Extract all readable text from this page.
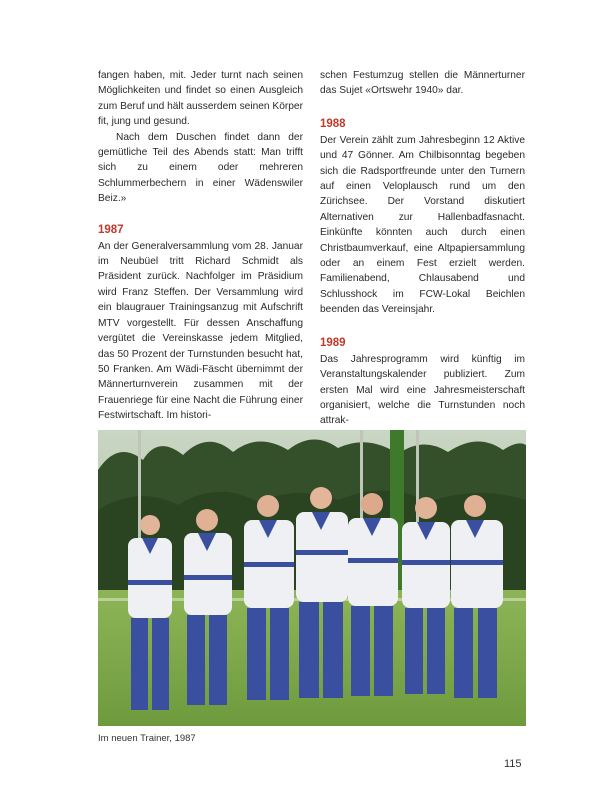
fangen haben, mit. Jeder turnt nach seinen Möglichkeiten und findet so einen Ausgleich zum Beruf und hält ausserdem seinen Körper fit, jung und gesund.

Nach dem Duschen findet dann der gemütliche Teil des Abends statt: Man trifft sich zu einem oder mehreren Schlummerbechern in einer Wädenswiler Beiz.»

1987

An der Generalversammlung vom 28. Januar im Neubüel tritt Richard Schmidt als Präsident zurück. Nachfolger im Präsidium wird Franz Steffen. Der Versammlung wird ein blaugrauer Trainingsanzug mit Aufschrift MTV vorgestellt. Für dessen Anschaffung vergütet die Vereinskasse jedem Mitglied, das 50 Prozent der Turnstunden besucht hat, 50 Franken. Am Wädi-Fäscht übernimmt der Männerturnverein zusammen mit der Frauenriege für eine Nacht die Führung einer Festwirtschaft. Im histori-

schen Festumzug stellen die Männerturner das Sujet «Ortswehr 1940» dar.

1988

Der Verein zählt zum Jahresbeginn 12 Aktive und 47 Gönner. Am Chilbisonntag begeben sich die Radsportfreunde unter den Turnern auf einen Veloplausch rund um den Zürichsee. Der Vorstand diskutiert Alternativen zur Hallenbadfasnacht. Einkünfte könnten auch durch einen Christbaumverkauf, eine Altpapiersammlung oder an einem Fest erzielt werden. Familienabend, Chlausabend und Schlusshock im FCW-Lokal Beichlen beenden das Vereinsjahr.

1989

Das Jahresprogramm wird künftig im Veranstaltungskalender publiziert. Zum ersten Mal wird eine Jahresmeisterschaft organisiert, welche die Turnstunden noch attrak-

Im neuen Trainer, 1987
115
